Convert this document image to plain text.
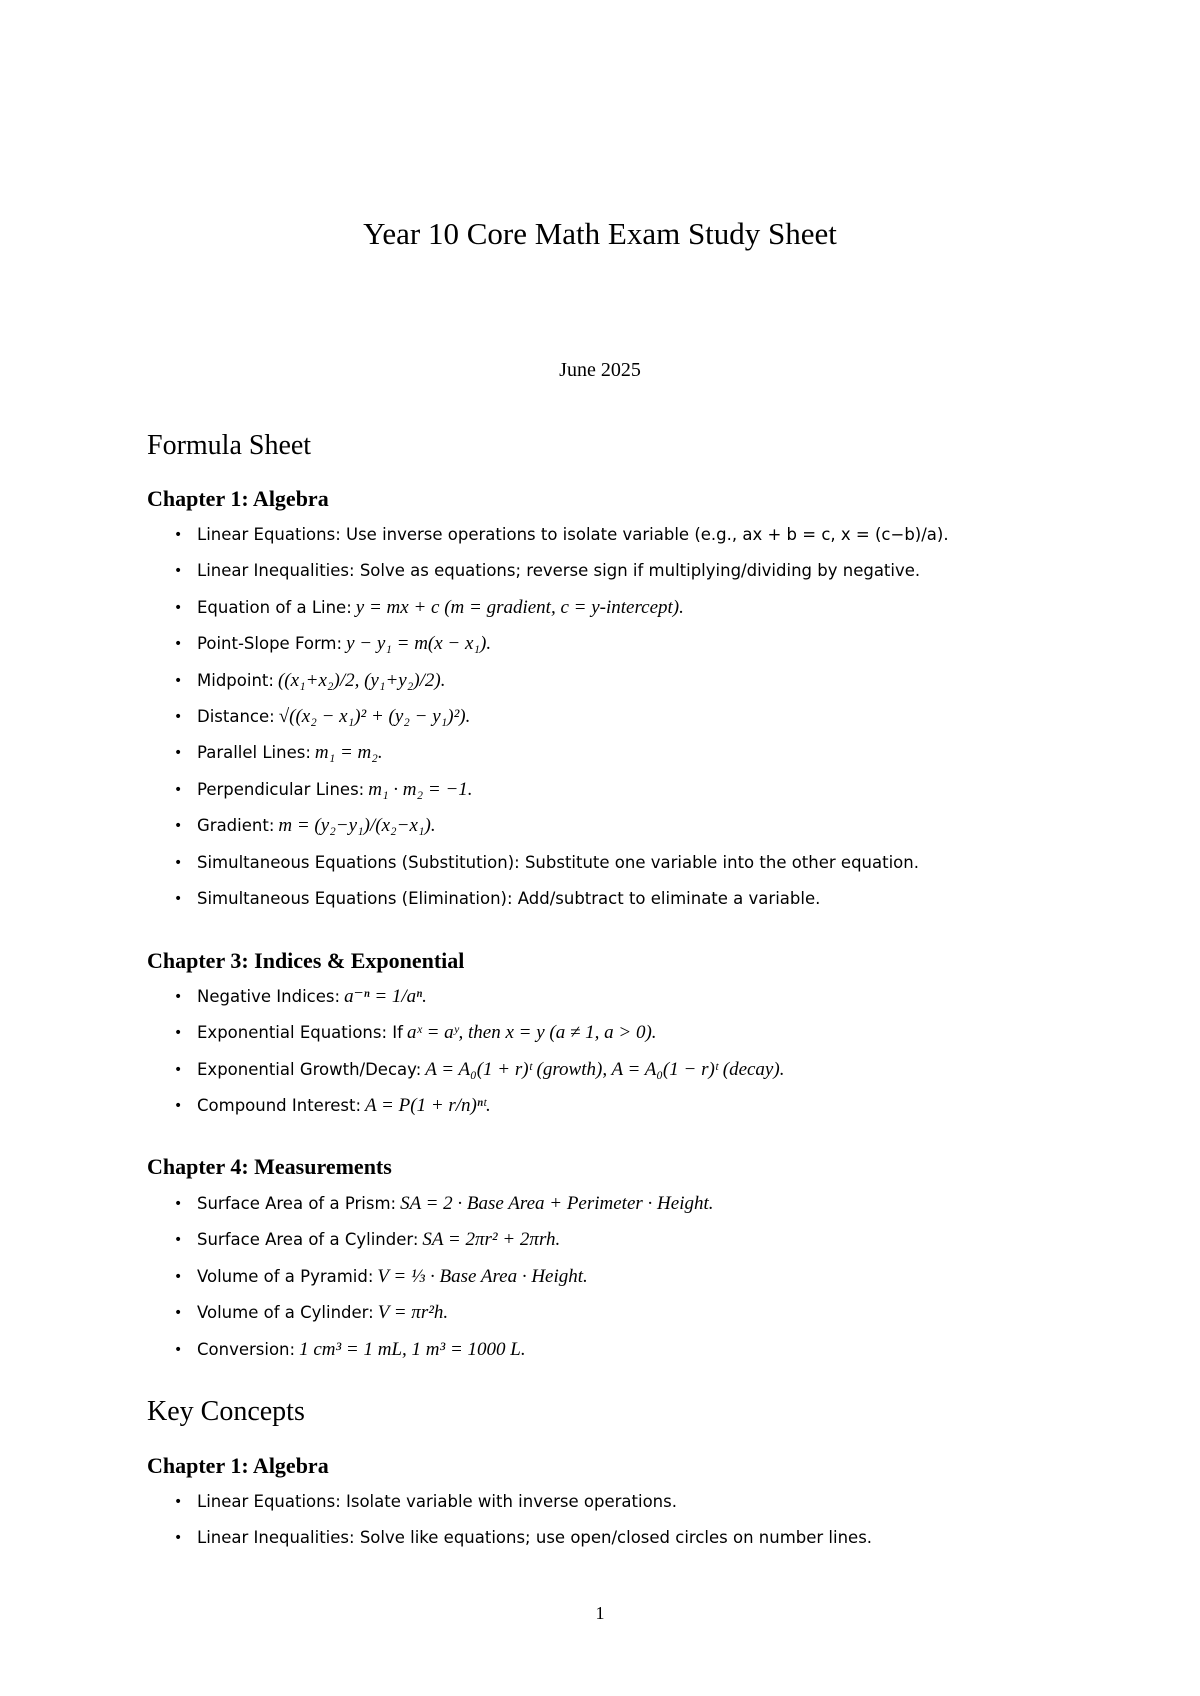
Year 10 Core Math Exam Study Sheet
June 2025
Formula Sheet
Chapter 1: Algebra
• Linear Equations: Use inverse operations to isolate variable (e.g., ax + b = c, x = (c−b)/a).
• Linear Inequalities: Solve as equations; reverse sign if multiplying/dividing by negative.
• Equation of a Line: y = mx + c (m = gradient, c = y-intercept).
• Point-Slope Form: y − y₁ = m(x − x₁).
• Midpoint: ((x₁+x₂)/2, (y₁+y₂)/2).
• Distance: √((x₂ − x₁)² + (y₂ − y₁)²).
• Parallel Lines: m₁ = m₂.
• Perpendicular Lines: m₁ · m₂ = −1.
• Gradient: m = (y₂−y₁)/(x₂−x₁).
• Simultaneous Equations (Substitution): Substitute one variable into the other equation.
• Simultaneous Equations (Elimination): Add/subtract to eliminate a variable.
Chapter 3: Indices & Exponential
• Negative Indices: a⁻ⁿ = 1/aⁿ.
• Exponential Equations: If aˣ = aʸ, then x = y (a ≠ 1, a > 0).
• Exponential Growth/Decay: A = A₀(1 + r)ᵗ (growth), A = A₀(1 − r)ᵗ (decay).
• Compound Interest: A = P(1 + r/n)ⁿᵗ.
Chapter 4: Measurements
• Surface Area of a Prism: SA = 2 · Base Area + Perimeter · Height.
• Surface Area of a Cylinder: SA = 2πr² + 2πrh.
• Volume of a Pyramid: V = ⅓ · Base Area · Height.
• Volume of a Cylinder: V = πr²h.
• Conversion: 1 cm³ = 1 mL, 1 m³ = 1000 L.
Key Concepts
Chapter 1: Algebra
• Linear Equations: Isolate variable with inverse operations.
• Linear Inequalities: Solve like equations; use open/closed circles on number lines.
1
